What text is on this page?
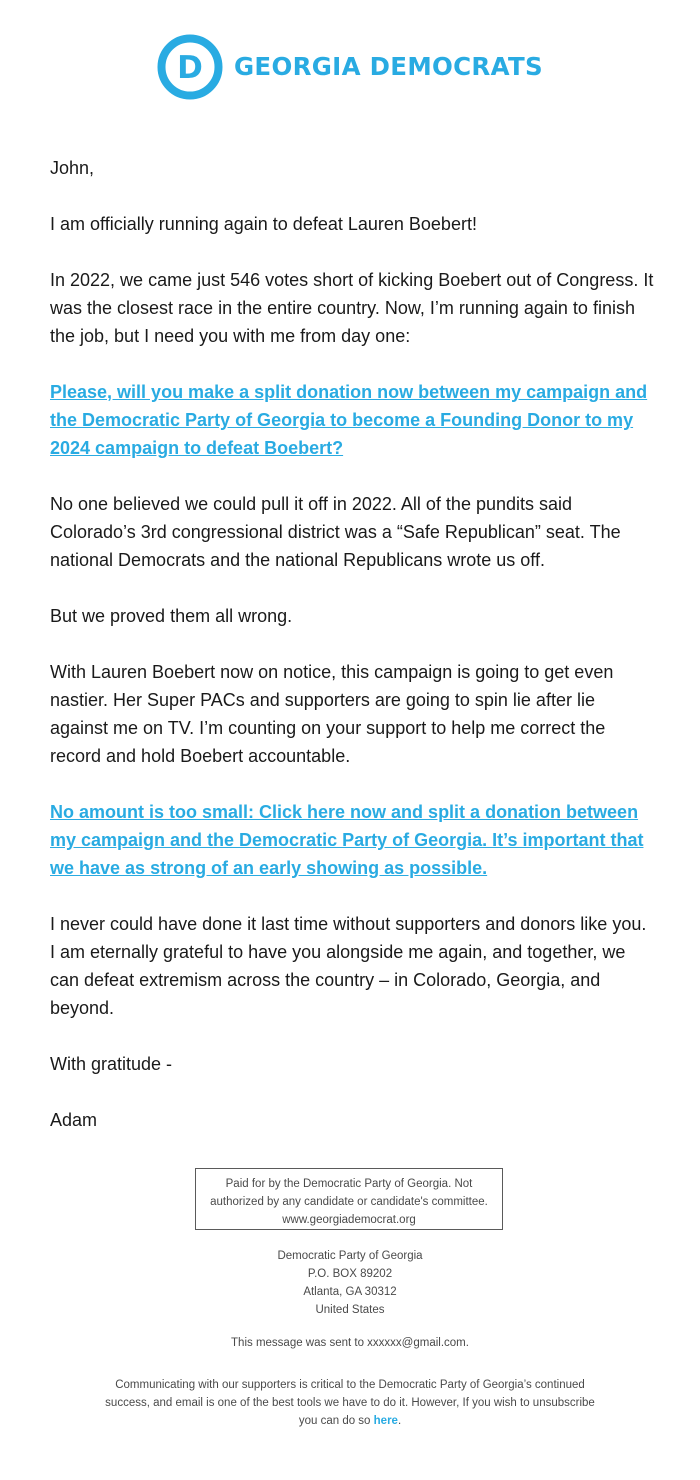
D GEORGIA DEMOCRATS

John,

I am officially running again to defeat Lauren Boebert!

In 2022, we came just 546 votes short of kicking Boebert out of Congress. It was the closest race in the entire country. Now, I’m running again to finish the job, but I need you with me from day one:

Please, will you make a split donation now between my campaign and the Democratic Party of Georgia to become a Founding Donor to my 2024 campaign to defeat Boebert?

No one believed we could pull it off in 2022. All of the pundits said Colorado’s 3rd congressional district was a “Safe Republican” seat. The national Democrats and the national Republicans wrote us off.

But we proved them all wrong.

With Lauren Boebert now on notice, this campaign is going to get even nastier. Her Super PACs and supporters are going to spin lie after lie against me on TV. I’m counting on your support to help me correct the record and hold Boebert accountable.

No amount is too small: Click here now and split a donation between my campaign and the Democratic Party of Georgia. It’s important that we have as strong of an early showing as possible.

I never could have done it last time without supporters and donors like you. I am eternally grateful to have you alongside me again, and together, we can defeat extremism across the country – in Colorado, Georgia, and beyond.

With gratitude -

Adam

Paid for by the Democratic Party of Georgia. Not
authorized by any candidate or candidate's committee.
www.georgiademocrat.org
Democratic Party of Georgia
P.O. BOX 89202
Atlanta, GA 30312
United States
This message was sent to xxxxxx@gmail.com.
Communicating with our supporters is critical to the Democratic Party of Georgia’s continued success, and email is one of the best tools we have to do it. However, If you wish to unsubscribe you can do so here.
